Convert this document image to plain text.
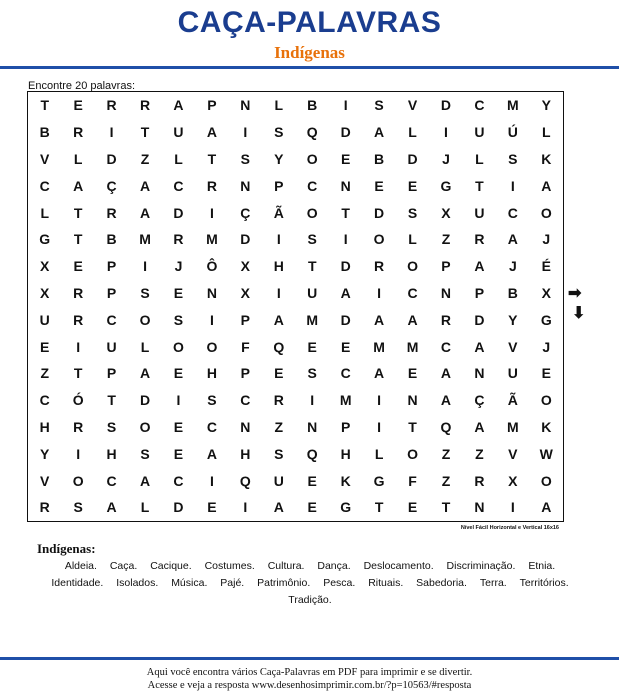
CAÇA-PALAVRAS
Indígenas
Encontre 20 palavras:
T	E	R	R	A	P	N	L	B	I	S	V	D	C	M	Y
B	R	I	T	U	A	I	S	Q	D	A	L	I	U	Ú	L
V	L	D	Z	L	T	S	Y	O	E	B	D	J	L	S	K
C	A	Ç	A	C	R	N	P	C	N	E	E	G	T	I	A
L	T	R	A	D	I	Ç	Ã	O	T	D	S	X	U	C	O
G	T	B	M	R	M	D	I	S	I	O	L	Z	R	A	J
X	E	P	I	J	Ô	X	H	T	D	R	O	P	A	J	É
X	R	P	S	E	N	X	I	U	A	I	C	N	P	B	X
U	R	C	O	S	I	P	A	M	D	A	A	R	D	Y	G
E	I	U	L	O	O	F	Q	E	E	M	M	C	A	V	J
Z	T	P	A	E	H	P	E	S	C	A	E	A	N	U	E
C	Ó	T	D	I	S	C	R	I	M	I	N	A	Ç	Ã	O
H	R	S	O	E	C	N	Z	N	P	I	T	Q	A	M	K
Y	I	H	S	E	A	H	S	Q	H	L	O	Z	Z	V	W
V	O	C	A	C	I	Q	U	E	K	G	F	Z	R	X	O
R	S	A	L	D	E	I	A	E	G	T	E	T	N	I	A
Nível Fácil Horizontal e Vertical 16x16
➡
⬇
Indígenas:
Aldeia. Caça. Cacique. Costumes. Cultura. Dança. Deslocamento. Discriminação. Etnia. Identidade. Isolados. Música. Pajé. Patrimônio. Pesca. Rituais. Sabedoria. Terra. Territórios. Tradição.
Aqui você encontra vários Caça-Palavras em PDF para imprimir e se divertir.
Acesse e veja a resposta www.desenhosimprimir.com.br/?p=10563/#resposta
